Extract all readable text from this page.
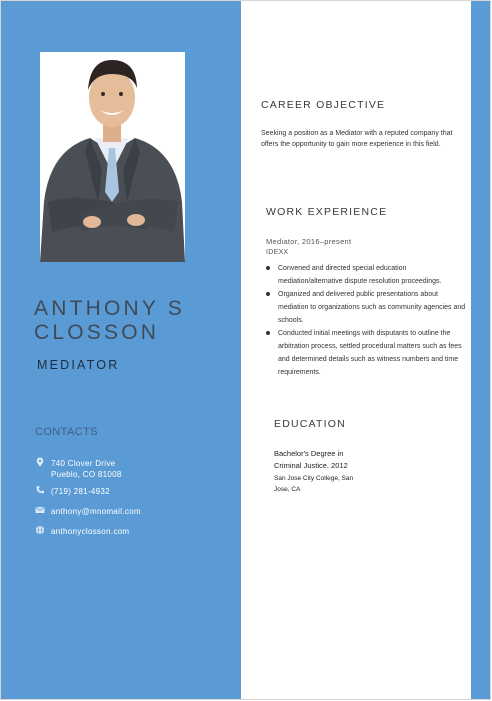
ANTHONY S
CLOSSON
MEDIATOR
CONTACTS
740 Clover Drive
Pueblo, CO 81008
(719) 281-4932
anthony@mnomail.com
anthonyclosson.com
CAREER OBJECTIVE

Seeking a position as a Mediator with a reputed company that offers the opportunity to gain more experience in this field.

WORK EXPERIENCE
Mediator, 2016–present
IDEXX
Convened and directed special education mediation/alternative dispute resolution proceedings.
Organized and delivered public presentations about mediation to organizations such as community agencies and schools.
Conducted initial meetings with disputants to outline the arbitration process, settled procedural matters such as fees and determined details such as witness numbers and time requirements.
EDUCATION
Bachelor's Degree in
Criminal Justice. 2012
San Jose City College, San
Jose, CA
